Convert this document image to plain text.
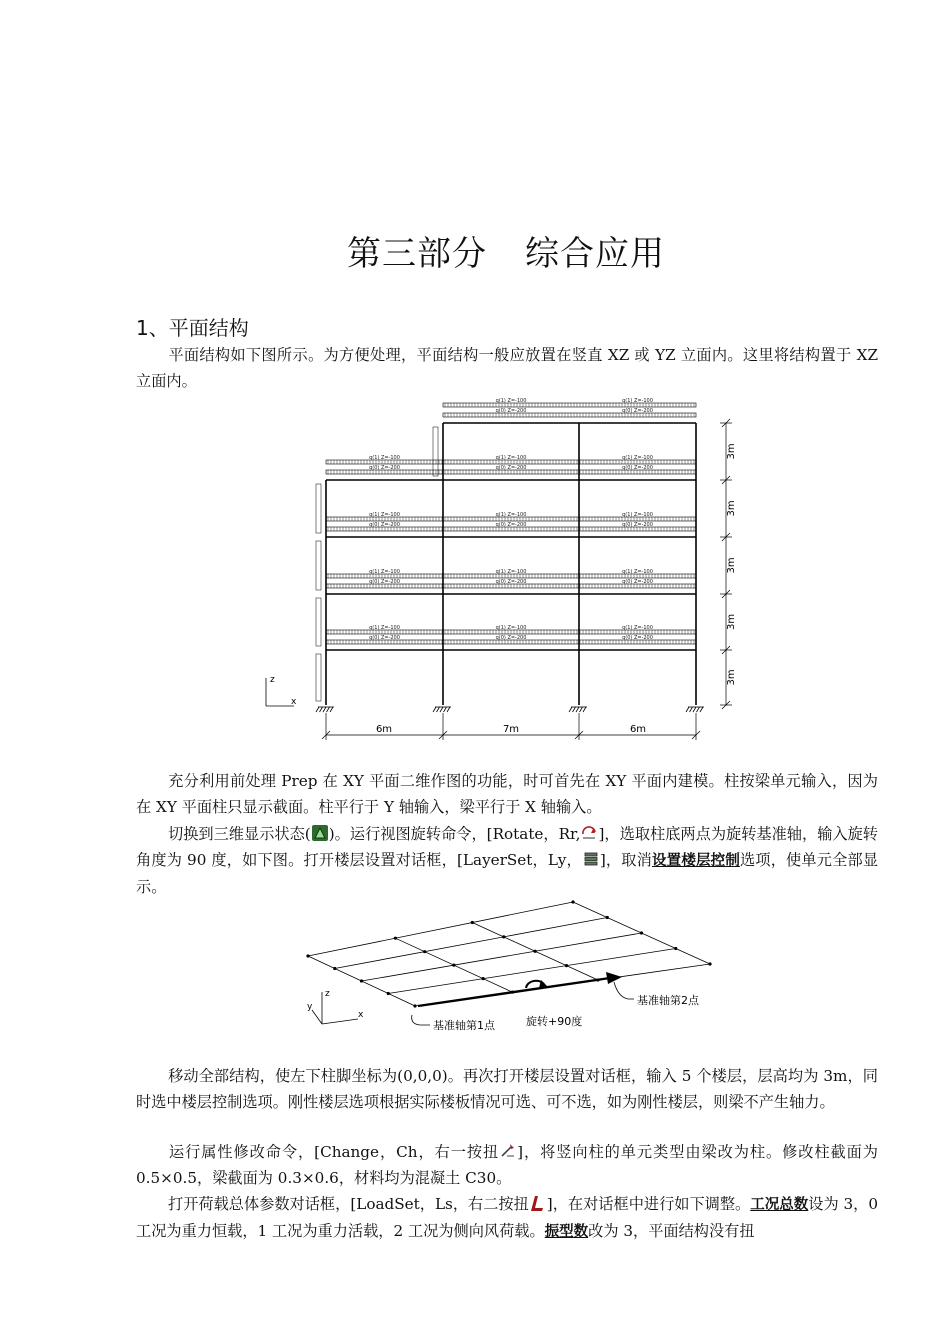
第三部分 综合应用
1、平面结构

平面结构如下图所示。为方便处理，平面结构一般应放置在竖直 XZ 或 YZ 立面内。这里将结构置于 XZ 立面内。

q(1) Z=-100	q(1) Z=-100	q(1) Z=-100
q(0) Z=-200	q(0) Z=-200	q(0) Z=-200
q(1) Z=-100	q(1) Z=-100	q(1) Z=-100
q(0) Z=-200	q(0) Z=-200	q(0) Z=-200
q(1) Z=-100	q(1) Z=-100	q(1) Z=-100
q(0) Z=-200	q(0) Z=-200	q(0) Z=-200
q(1) Z=-100	q(1) Z=-100	q(1) Z=-100
q(0) Z=-200	q(0) Z=-200	q(0) Z=-200
q(1) Z=-100	q(1) Z=-100
q(0) Z=-200	q(0) Z=-200
3m
3m
3m
3m
3m
6m	7m	6m
z
x

充分利用前处理 Prep 在 XY 平面二维作图的功能，时可首先在 XY 平面内建模。柱按梁单元输入，因为在 XY 平面柱只显示截面。柱平行于 Y 轴输入，梁平行于 X 轴输入。

切换到三维显示状态( )。运行视图旋转命令，[Rotate，Rr, ]，选取柱底两点为旋转基准轴，输入旋转角度为 90 度，如下图。打开楼层设置对话框，[LayerSet，Ly， ]，取消设置楼层控制选项，使单元全部显示。

基准轴第1点
基准轴第2点
旋转+90度
z
y
x

移动全部结构，使左下柱脚坐标为(0,0,0)。再次打开楼层设置对话框，输入 5 个楼层，层高均为 3m，同时选中楼层控制选项。刚性楼层选项根据实际楼板情况可选、可不选，如为刚性楼层，则梁不产生轴力。

运行属性修改命令，[Change，Ch，右一按扭 ]，将竖向柱的单元类型由梁改为柱。修改柱截面为 0.5×0.5，梁截面为 0.3×0.6，材料均为混凝土 C30。

打开荷载总体参数对话框，[LoadSet，Ls，右二按扭 ]，在对话框中进行如下调整。工况总数设为 3，0 工况为重力恒载，1 工况为重力活载，2 工况为侧向风荷载。振型数改为 3，平面结构没有扭
